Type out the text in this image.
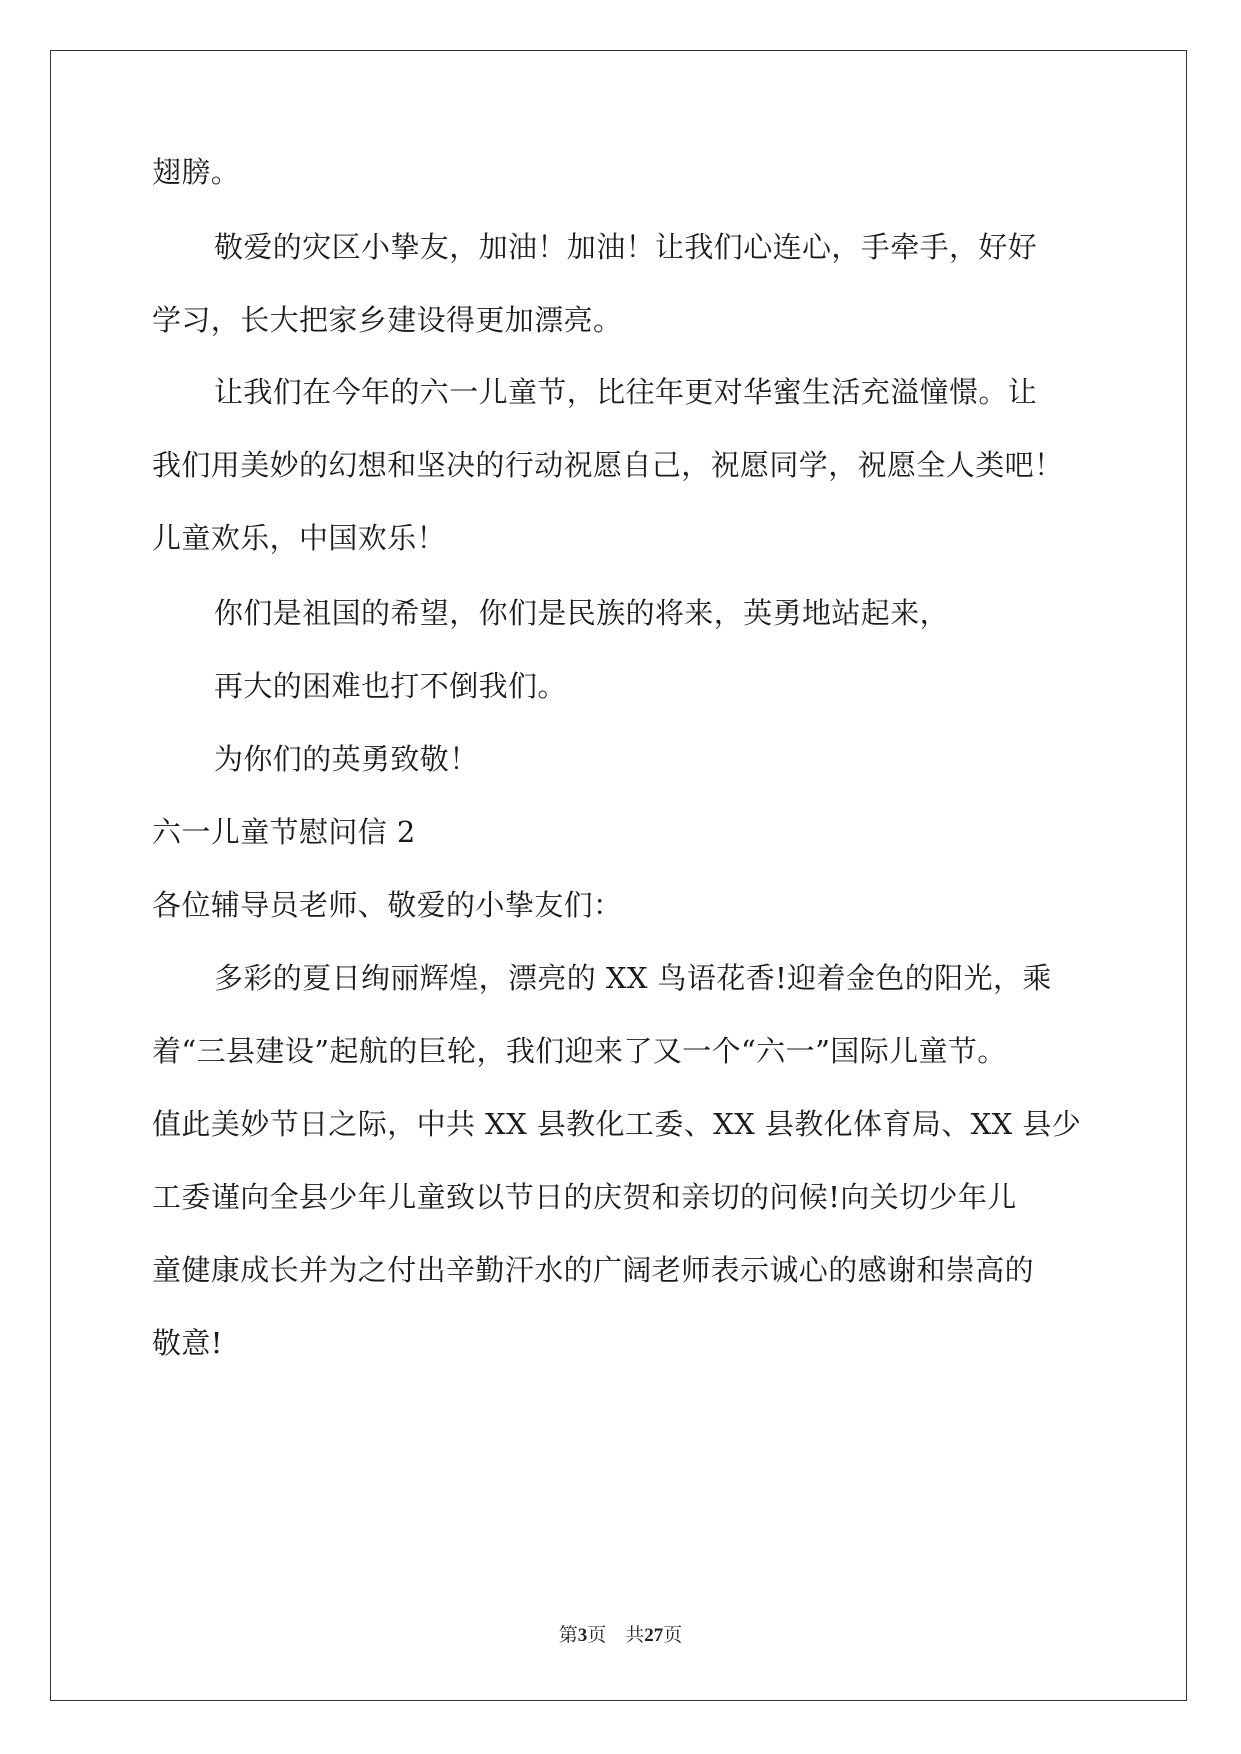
翅膀。
敬爱的灾区小挚友，加油！加油！让我们心连心，手牵手，好好
学习，长大把家乡建设得更加漂亮。
让我们在今年的六一儿童节，比往年更对华蜜生活充溢憧憬。让
我们用美妙的幻想和坚决的行动祝愿自己，祝愿同学，祝愿全人类吧！
儿童欢乐，中国欢乐！
你们是祖国的希望，你们是民族的将来，英勇地站起来，
再大的困难也打不倒我们。
为你们的英勇致敬！
六一儿童节慰问信 2
各位辅导员老师、敬爱的小挚友们：
多彩的夏日绚丽辉煌，漂亮的 XX 鸟语花香!迎着金色的阳光，乘
着“三县建设”起航的巨轮，我们迎来了又一个“六一”国际儿童节。
值此美妙节日之际，中共 XX 县教化工委、XX 县教化体育局、XX 县少
工委谨向全县少年儿童致以节日的庆贺和亲切的问候!向关切少年儿
童健康成长并为之付出辛勤汗水的广阔老师表示诚心的感谢和崇高的
敬意!
第3页　共27页
